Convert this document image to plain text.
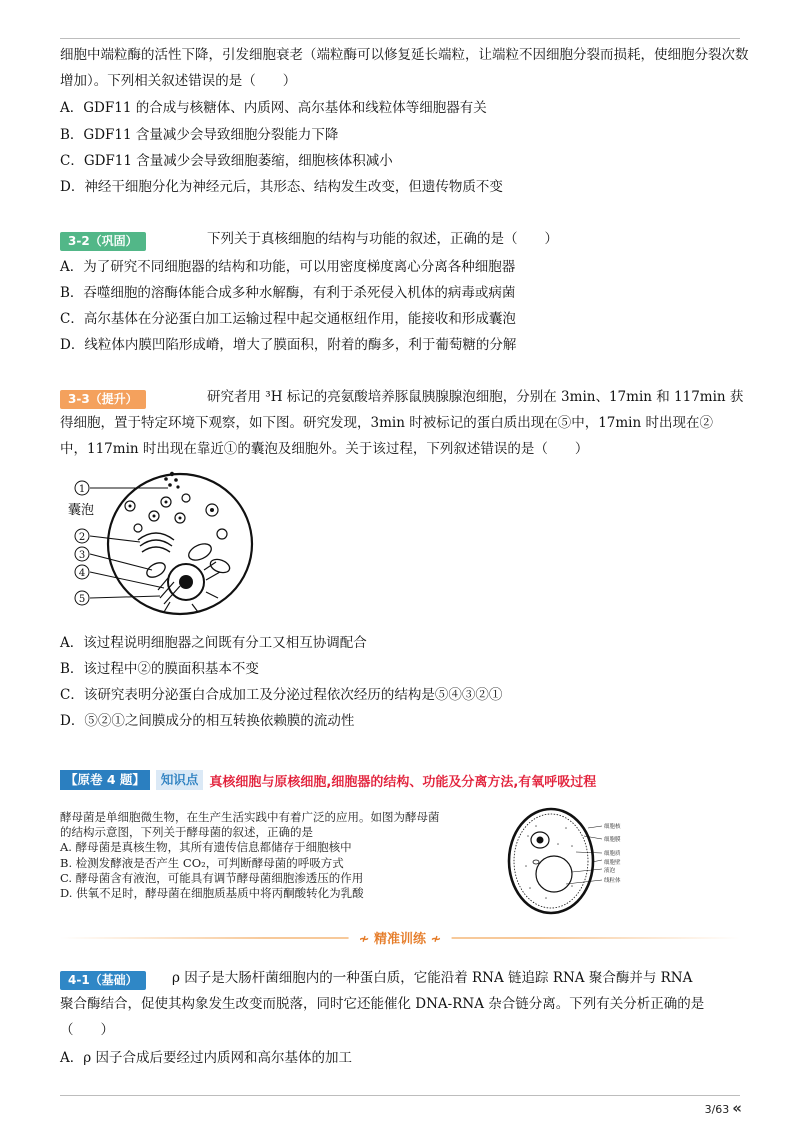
细胞中端粒酶的活性下降，引发细胞衰老（端粒酶可以修复延长端粒，让端粒不因细胞分裂而损耗，使细胞分裂次数增加）。下列相关叙述错误的是（　　）
A．GDF11 的合成与核糖体、内质网、高尔基体和线粒体等细胞器有关
B．GDF11 含量减少会导致细胞分裂能力下降
C．GDF11 含量减少会导致细胞萎缩，细胞核体积减小
D．神经干细胞分化为神经元后，其形态、结构发生改变，但遗传物质不变
3-2（巩固）	下列关于真核细胞的结构与功能的叙述，正确的是（　　）
A．为了研究不同细胞器的结构和功能，可以用密度梯度离心分离各种细胞器
B．吞噬细胞的溶酶体能合成多种水解酶，有利于杀死侵入机体的病毒或病菌
C．高尔基体在分泌蛋白加工运输过程中起交通枢纽作用，能接收和形成囊泡
D．线粒体内膜凹陷形成嵴，增大了膜面积，附着的酶多，利于葡萄糖的分解
3-3（提升）	研究者用 ³H 标记的亮氨酸培养豚鼠胰腺腺泡细胞，分别在 3min、17min 和 117min 获
得细胞，置于特定环境下观察，如下图。研究发现，3min 时被标记的蛋白质出现在⑤中，17min 时出现在②
中，117min 时出现在靠近①的囊泡及细胞外。关于该过程，下列叙述错误的是（　　）
1
2
3
4
5
囊泡
A．该过程说明细胞器之间既有分工又相互协调配合
B．该过程中②的膜面积基本不变
C．该研究表明分泌蛋白合成加工及分泌过程依次经历的结构是⑤④③②①
D．⑤②①之间膜成分的相互转换依赖膜的流动性
【原卷 4 题】	知识点 真核细胞与原核细胞,细胞器的结构、功能及分离方法,有氧呼吸过程
酵母菌是单细胞微生物，在生产生活实践中有着广泛的应用。如图为酵母菌
的结构示意图，下列关于酵母菌的叙述，正确的是
A. 酵母菌是真核生物，其所有遗传信息都储存于细胞核中
B. 检测发酵液是否产生 CO₂，可判断酵母菌的呼吸方式
C. 酵母菌含有液泡，可能具有调节酵母菌细胞渗透压的作用
D. 供氧不足时，酵母菌在细胞质基质中将丙酮酸转化为乳酸
细胞核
细胞膜
细胞质
细胞壁
液泡
线粒体
≁ 精准训练 ≁
4-1（基础）	ρ 因子是大肠杆菌细胞内的一种蛋白质，它能沿着 RNA 链追踪 RNA 聚合酶并与 RNA
聚合酶结合，促使其构象发生改变而脱落，同时它还能催化 DNA-RNA 杂合链分离。下列有关分析正确的是
（　　）
A．ρ 因子合成后要经过内质网和高尔基体的加工
3/63 «
